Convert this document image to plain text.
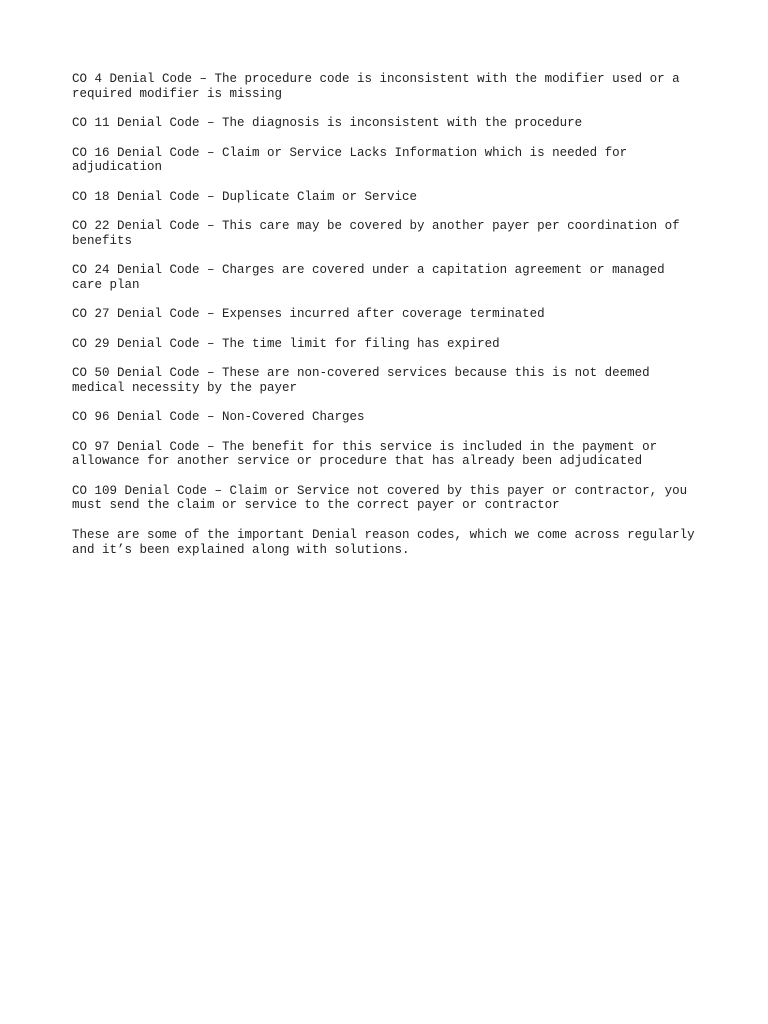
CO 4 Denial Code – The procedure code is inconsistent with the modifier used or a
required modifier is missing

CO 11 Denial Code – The diagnosis is inconsistent with the procedure

CO 16 Denial Code – Claim or Service Lacks Information which is needed for
adjudication

CO 18 Denial Code – Duplicate Claim or Service

CO 22 Denial Code – This care may be covered by another payer per coordination of
benefits

CO 24 Denial Code – Charges are covered under a capitation agreement or managed
care plan

CO 27 Denial Code – Expenses incurred after coverage terminated

CO 29 Denial Code – The time limit for filing has expired

CO 50 Denial Code – These are non-covered services because this is not deemed
medical necessity by the payer

CO 96 Denial Code – Non-Covered Charges

CO 97 Denial Code – The benefit for this service is included in the payment or
allowance for another service or procedure that has already been adjudicated

CO 109 Denial Code – Claim or Service not covered by this payer or contractor, you
must send the claim or service to the correct payer or contractor

These are some of the important Denial reason codes, which we come across regularly
and it’s been explained along with solutions.
